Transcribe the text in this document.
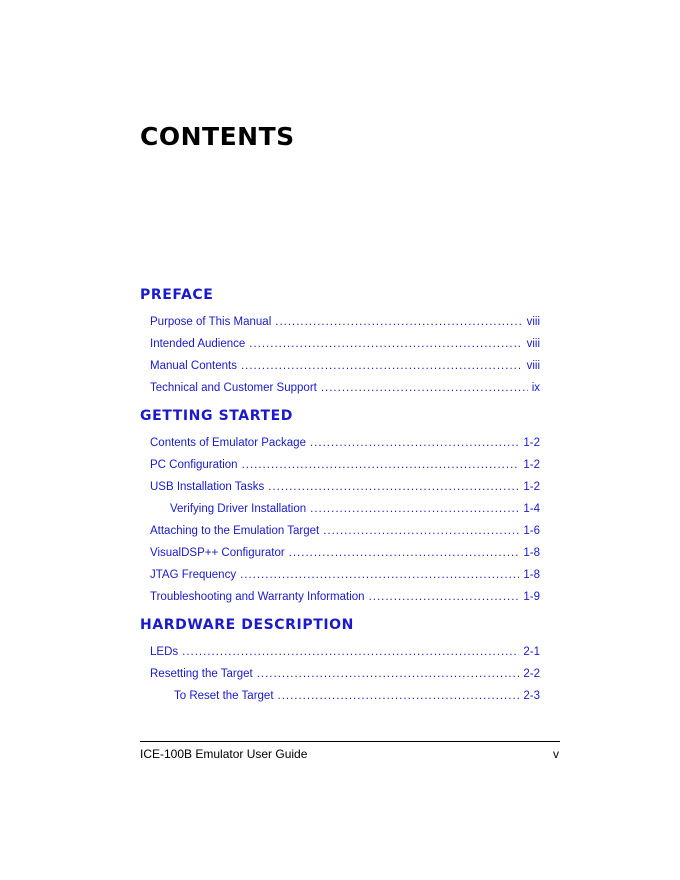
CONTENTS
PREFACE
Purpose of This Manual .....	viii
Intended Audience .....	viii
Manual Contents .....	viii
Technical and Customer Support .....	ix
GETTING STARTED
Contents of Emulator Package .....	1-2
PC Configuration .....	1-2
USB Installation Tasks .....	1-2
Verifying Driver Installation .....	1-4
Attaching to the Emulation Target .....	1-6
VisualDSP++ Configurator .....	1-8
JTAG Frequency .....	1-8
Troubleshooting and Warranty Information .....	1-9
HARDWARE DESCRIPTION
LEDs .....	2-1
Resetting the Target .....	2-2
To Reset the Target .....	2-3
ICE-100B Emulator User Guide	v
